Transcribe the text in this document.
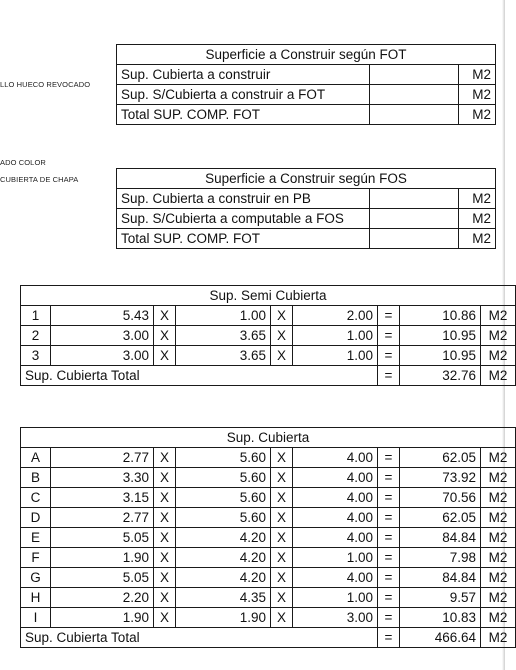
LLO HUECO REVOCADO
ADO COLOR
CUBIERTA DE CHAPA
Superficie a Construir según FOT		
Sup. Cubierta a construir		M2
Sup. S/Cubierta a construir a FOT		M2
Total SUP. COMP. FOT		M2
Superficie a Construir según FOS		
Sup. Cubierta a construir en PB		M2
Sup. S/Cubierta a computable a FOS		M2
Total SUP. COMP. FOT		M2
Sup. Semi Cubierta								
1	5.43	X	1.00	X	2.00	=	10.86	M2
2	3.00	X	3.65	X	1.00	=	10.95	M2
3	3.00	X	3.65	X	1.00	=	10.95	M2
Sup. Cubierta Total						=	32.76	M2
Sup. Cubierta								
A	2.77	X	5.60	X	4.00	=	62.05	M2
B	3.30	X	5.60	X	4.00	=	73.92	M2
C	3.15	X	5.60	X	4.00	=	70.56	M2
D	2.77	X	5.60	X	4.00	=	62.05	M2
E	5.05	X	4.20	X	4.00	=	84.84	M2
F	1.90	X	4.20	X	1.00	=	7.98	M2
G	5.05	X	4.20	X	4.00	=	84.84	M2
H	2.20	X	4.35	X	1.00	=	9.57	M2
I	1.90	X	1.90	X	3.00	=	10.83	M2
Sup. Cubierta Total						=	466.64	M2
